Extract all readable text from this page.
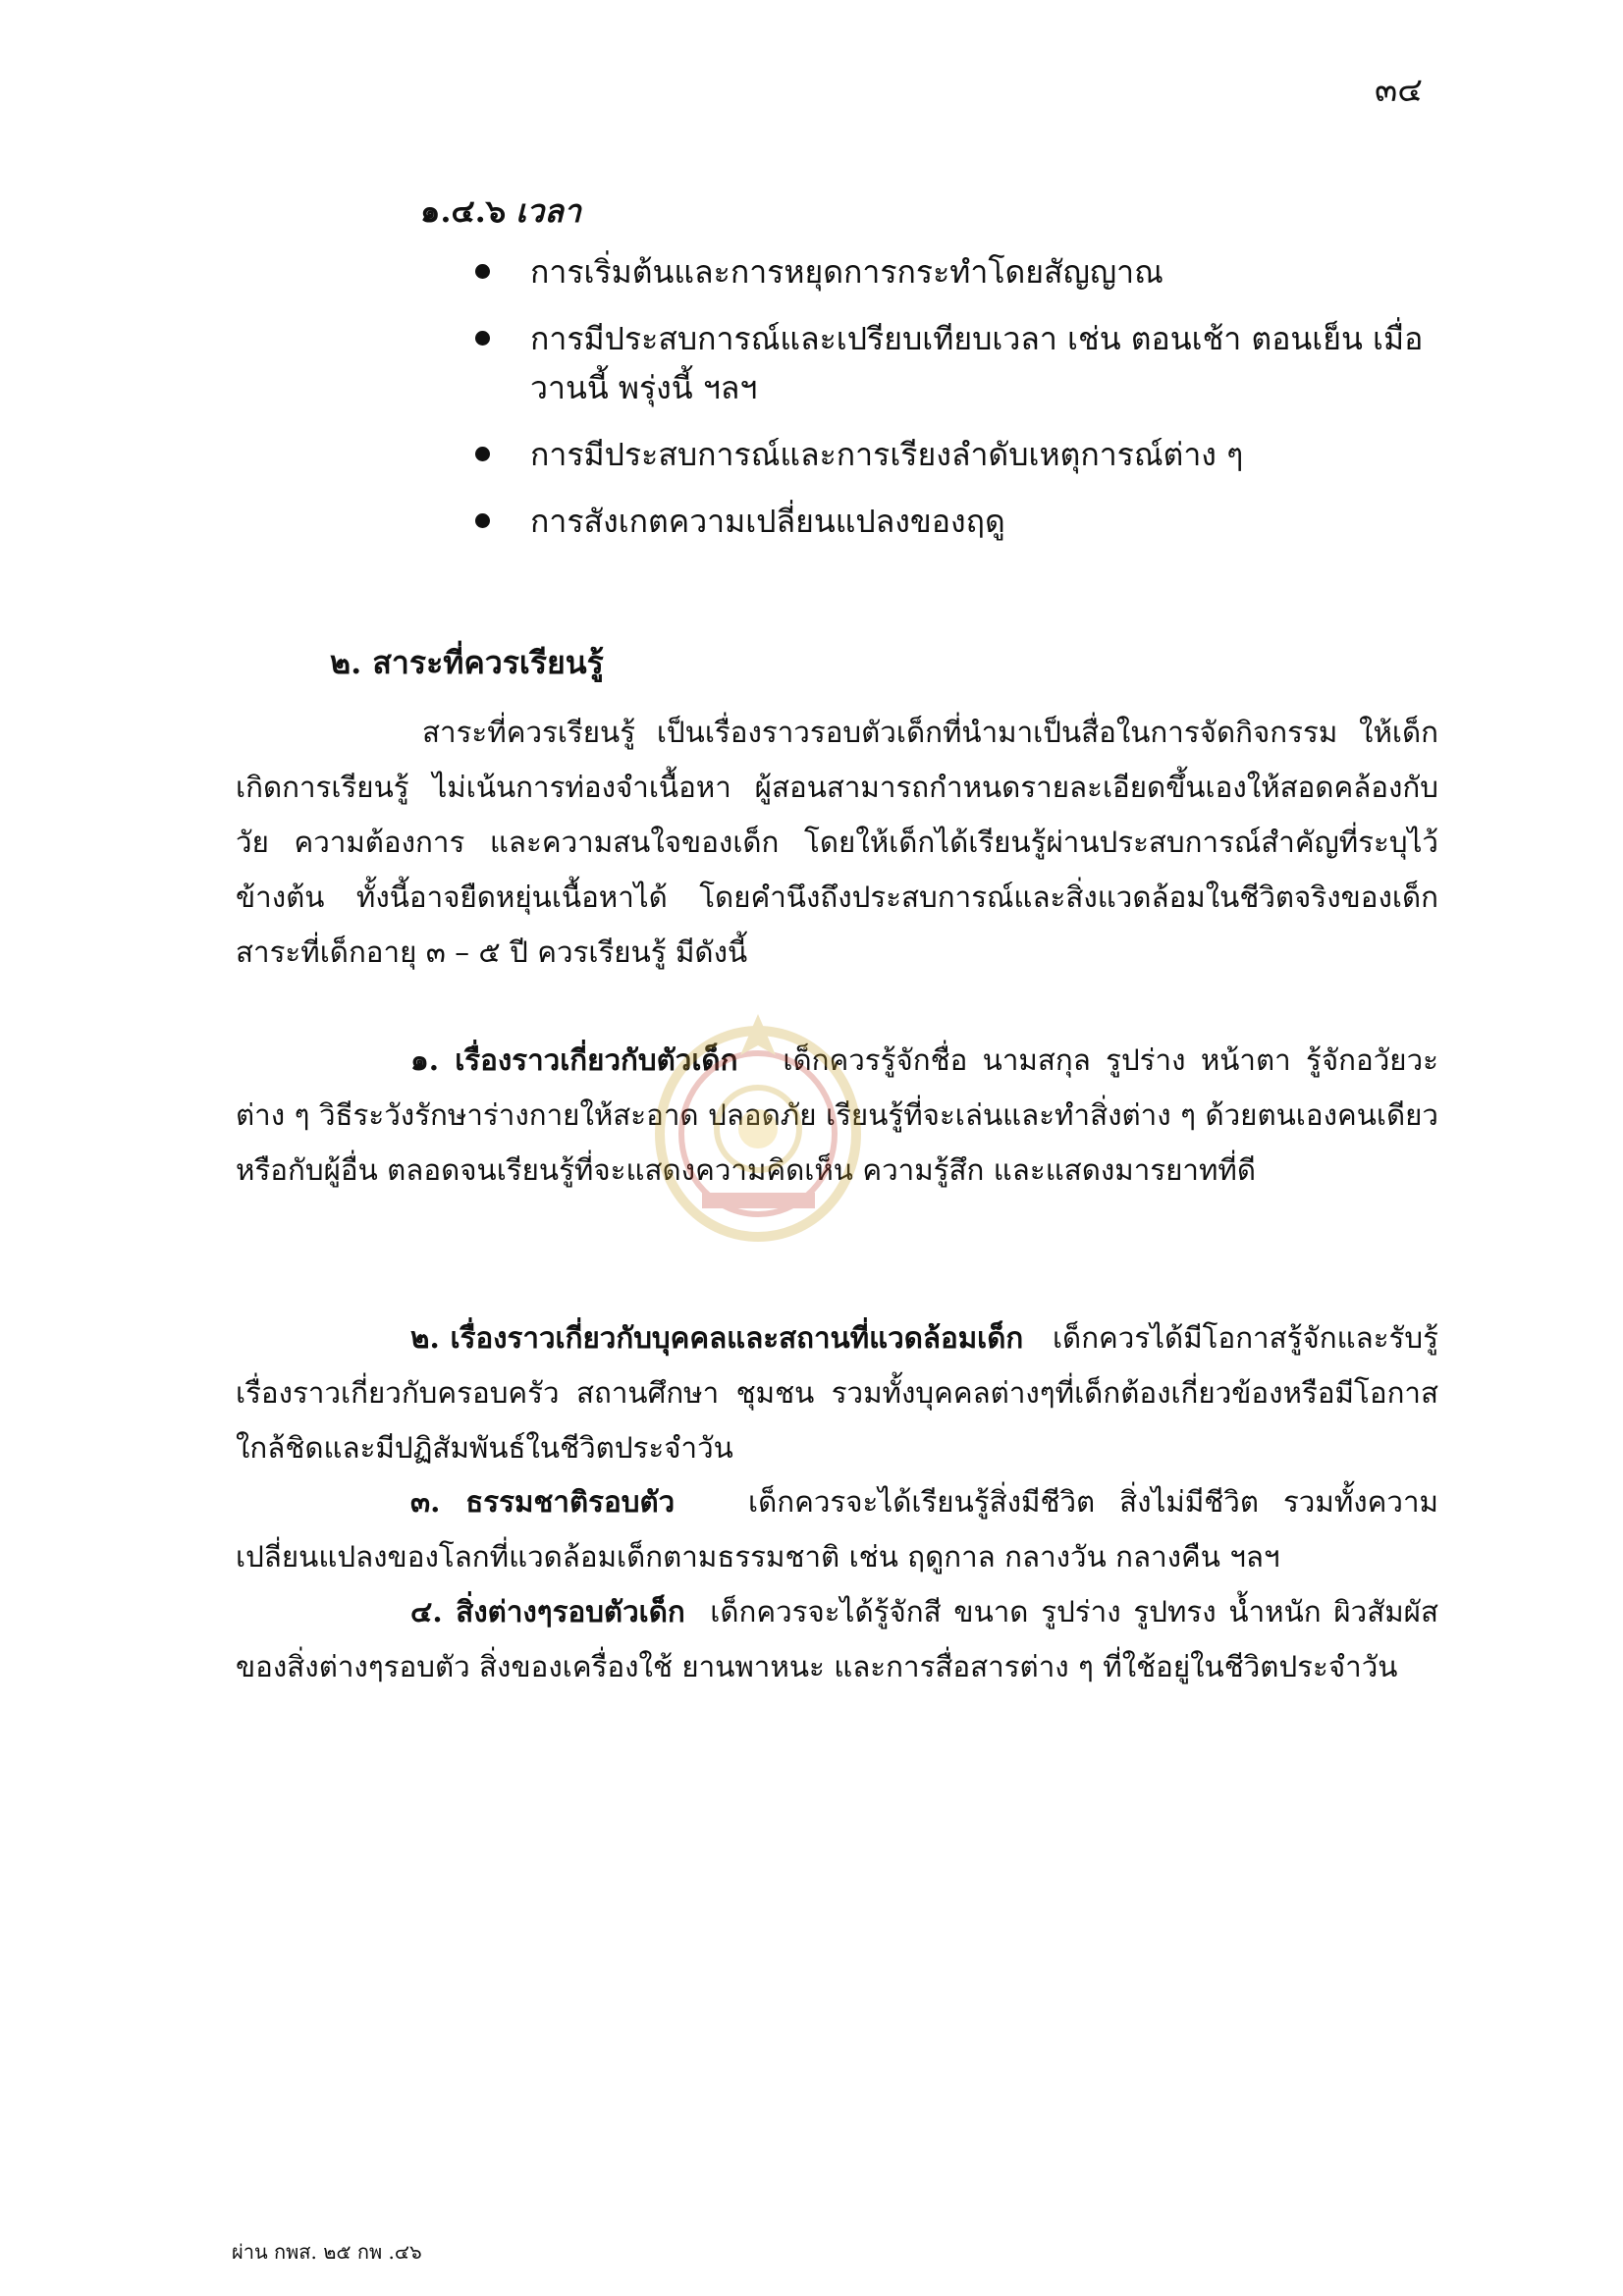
๓๔
๑.๔.๖ เวลา
การเริ่มต้นและการหยุดการกระทำโดยสัญญาณ
การมีประสบการณ์และเปรียบเทียบเวลา เช่น ตอนเช้า ตอนเย็น เมื่อวานนี้ พรุ่งนี้ ฯลฯ
การมีประสบการณ์และการเรียงลำดับเหตุการณ์ต่าง ๆ
การสังเกตความเปลี่ยนแปลงของฤดู
๒. สาระที่ควรเรียนรู้

สาระที่ควรเรียนรู้ เป็นเรื่องราวรอบตัวเด็กที่นำมาเป็นสื่อในการจัดกิจกรรม ให้เด็กเกิดการเรียนรู้ ไม่เน้นการท่องจำเนื้อหา ผู้สอนสามารถกำหนดรายละเอียดขึ้นเองให้สอดคล้องกับวัย ความต้องการ และความสนใจของเด็ก โดยให้เด็กได้เรียนรู้ผ่านประสบการณ์สำคัญที่ระบุไว้ข้างต้น ทั้งนี้อาจยืดหยุ่นเนื้อหาได้ โดยคำนึงถึงประสบการณ์และสิ่งแวดล้อมในชีวิตจริงของเด็ก สาระที่เด็กอายุ ๓ – ๕ ปี ควรเรียนรู้ มีดังนี้

๑. เรื่องราวเกี่ยวกับตัวเด็ก เด็กควรรู้จักชื่อ นามสกุล รูปร่าง หน้าตา รู้จักอวัยวะต่าง ๆ วิธีระวังรักษาร่างกายให้สะอาด ปลอดภัย เรียนรู้ที่จะเล่นและทำสิ่งต่าง ๆ ด้วยตนเองคนเดียว หรือกับผู้อื่น ตลอดจนเรียนรู้ที่จะแสดงความคิดเห็น ความรู้สึก และแสดงมารยาทที่ดี

๒. เรื่องราวเกี่ยวกับบุคคลและสถานที่แวดล้อมเด็ก เด็กควรได้มีโอกาสรู้จักและรับรู้เรื่องราวเกี่ยวกับครอบครัว สถานศึกษา ชุมชน รวมทั้งบุคคลต่างๆที่เด็กต้องเกี่ยวข้องหรือมีโอกาสใกล้ชิดและมีปฏิสัมพันธ์ในชีวิตประจำวัน

๓. ธรรมชาติรอบตัว	เด็กควรจะได้เรียนรู้สิ่งมีชีวิต สิ่งไม่มีชีวิต รวมทั้งความเปลี่ยนแปลงของโลกที่แวดล้อมเด็กตามธรรมชาติ เช่น ฤดูกาล กลางวัน กลางคืน ฯลฯ

๔. สิ่งต่างๆรอบตัวเด็ก เด็กควรจะได้รู้จักสี ขนาด รูปร่าง รูปทรง น้ำหนัก ผิวสัมผัส ของสิ่งต่างๆรอบตัว สิ่งของเครื่องใช้ ยานพาหนะ และการสื่อสารต่าง ๆ ที่ใช้อยู่ในชีวิตประจำวัน

ผ่าน กพส. ๒๕ กพ .๔๖
